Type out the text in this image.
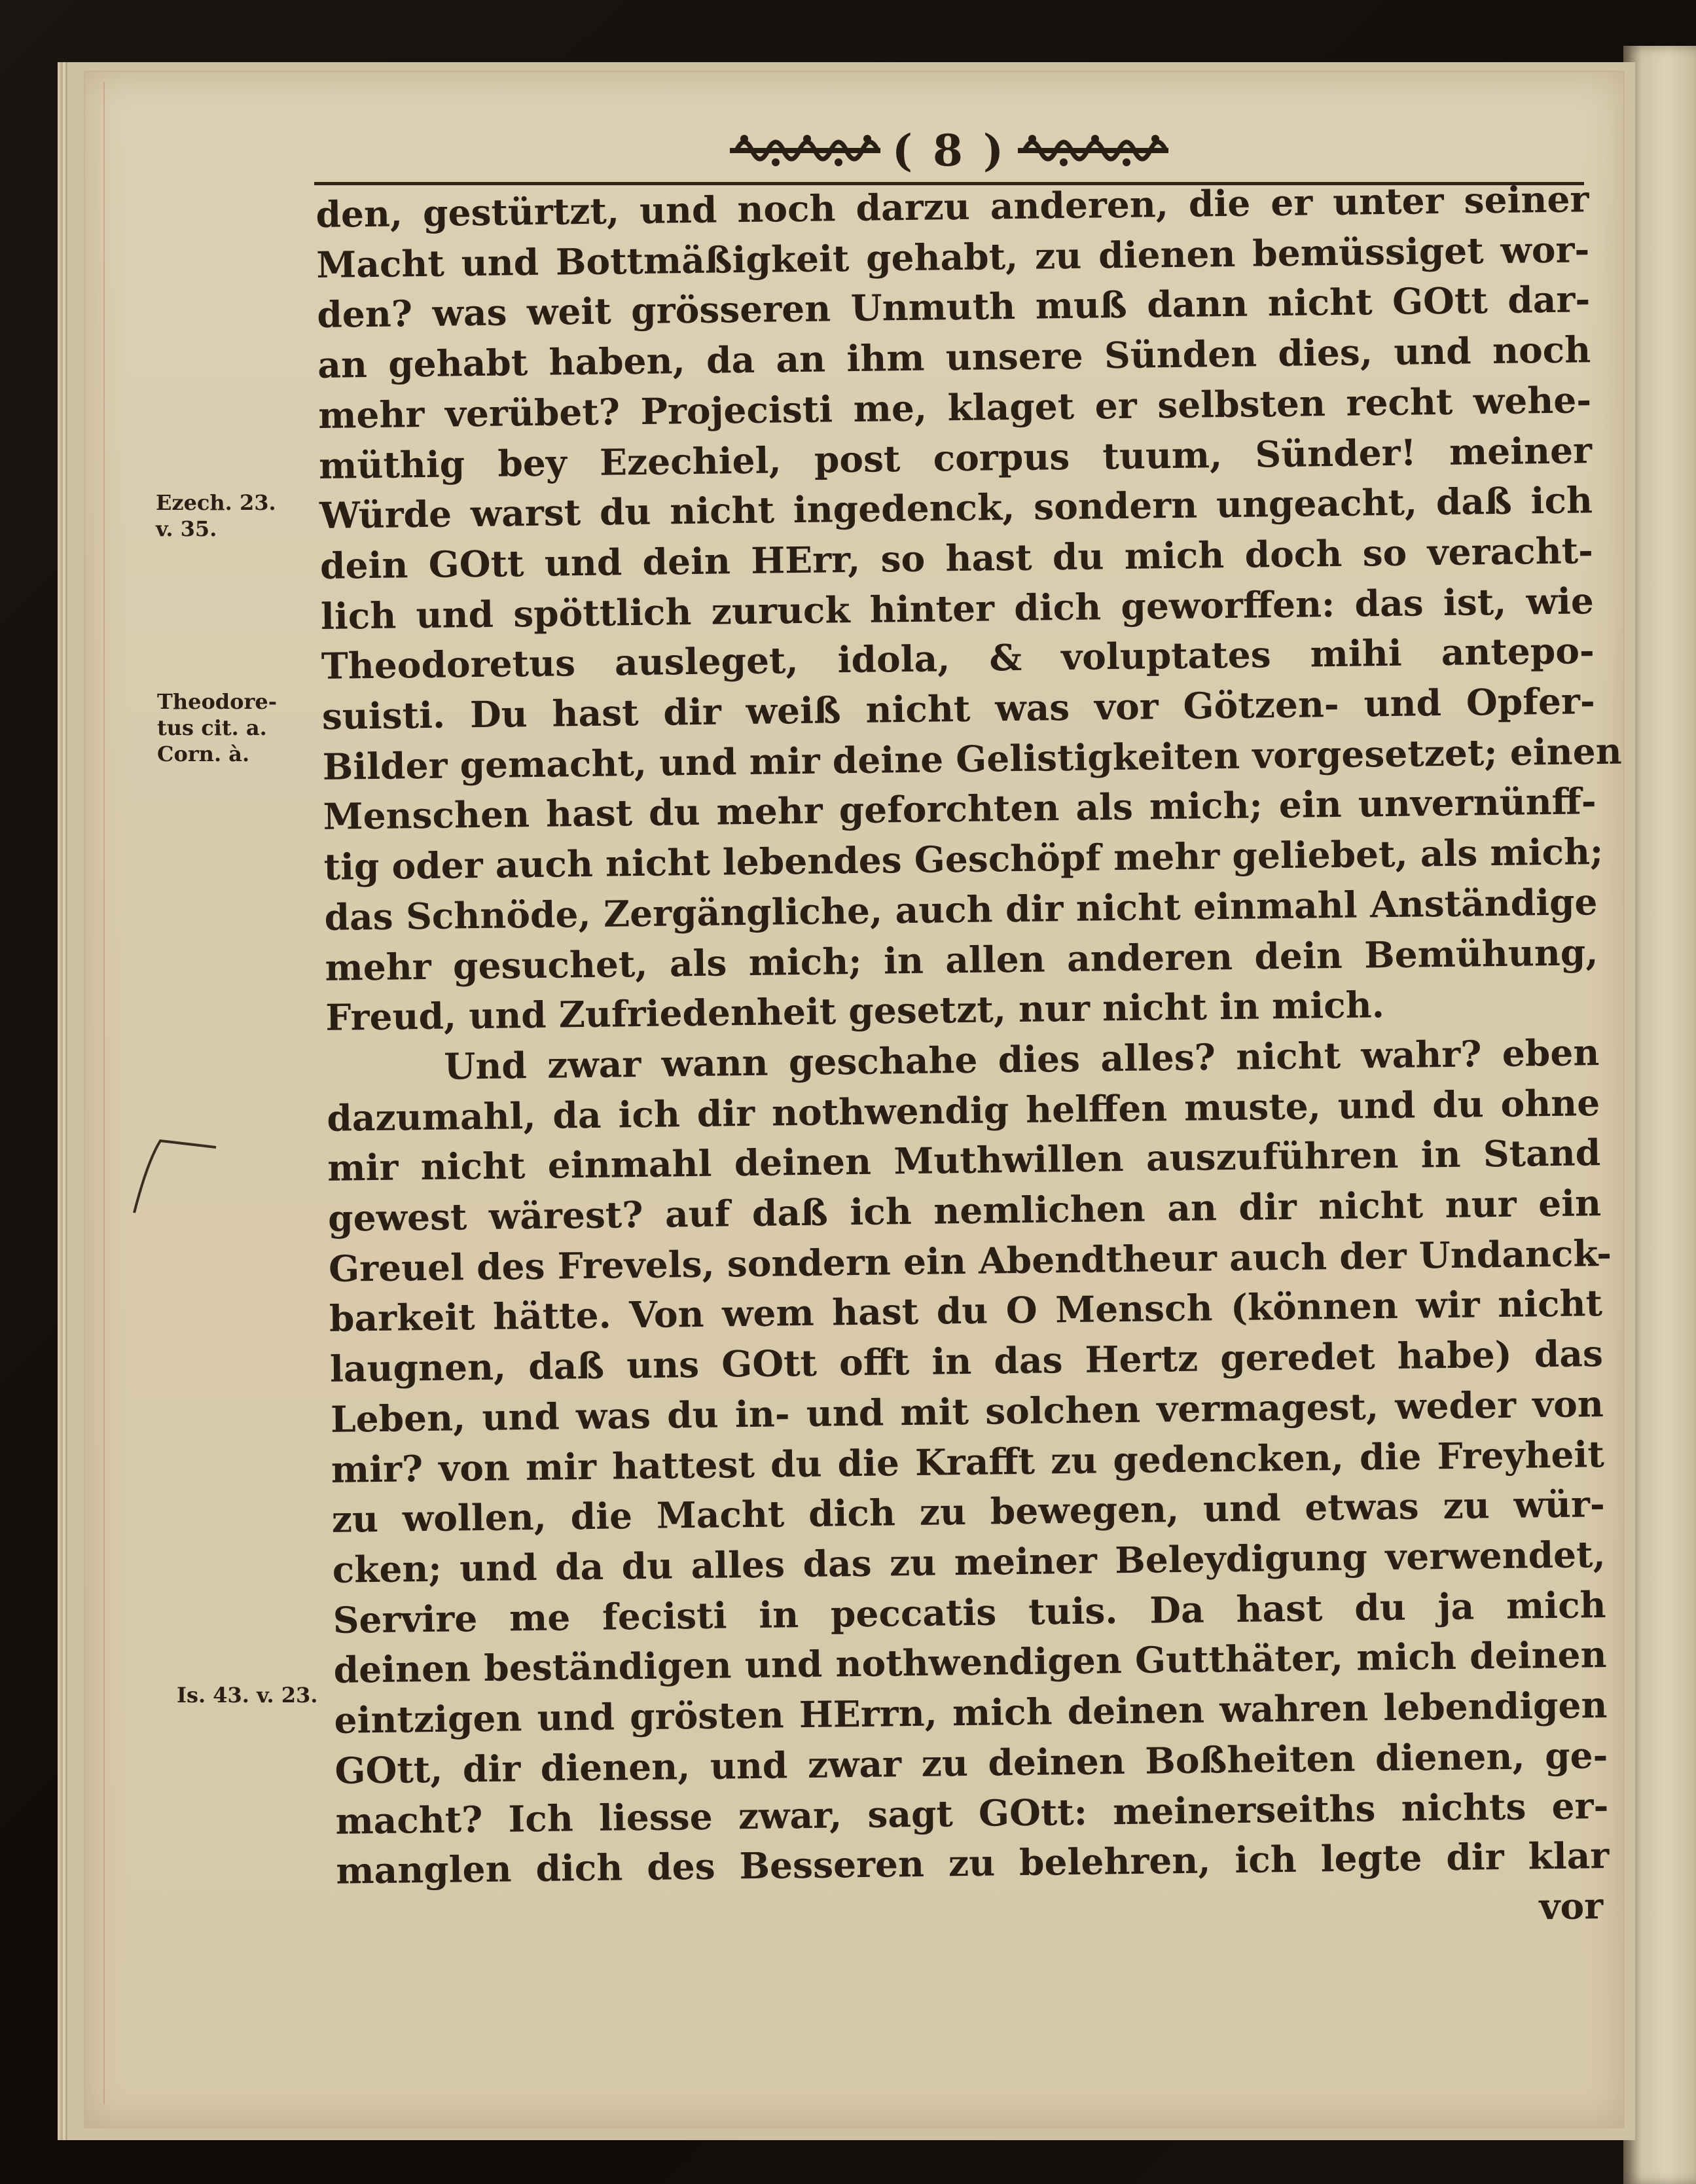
( 8 )
Ezech. 23.
v. 35.
Theodore-
tus cit. a.
Corn. à.
Is. 43. v. 23.
den, gestürtzt, und noch darzu anderen, die er unter seiner
Macht und Bottmäßigkeit gehabt, zu dienen bemüssiget wor-
den? was weit grösseren Unmuth muß dann nicht GOtt dar-
an gehabt haben, da an ihm unsere Sünden dies, und noch
mehr verübet? Projecisti me, klaget er selbsten recht wehe-
müthig bey Ezechiel, post corpus tuum, Sünder! meiner
Würde warst du nicht ingedenck, sondern ungeacht, daß ich
dein GOtt und dein HErr, so hast du mich doch so veracht-
lich und spöttlich zuruck hinter dich geworffen: das ist, wie
Theodoretus ausleget, idola, & voluptates mihi antepo-
suisti. Du hast dir weiß nicht was vor Götzen- und Opfer-
Bilder gemacht, und mir deine Gelistigkeiten vorgesetzet; einen
Menschen hast du mehr geforchten als mich; ein unvernünff-
tig oder auch nicht lebendes Geschöpf mehr geliebet, als mich;
das Schnöde, Zergängliche, auch dir nicht einmahl Anständige
mehr gesuchet, als mich; in allen anderen dein Bemühung,
Freud, und Zufriedenheit gesetzt, nur nicht in mich.
Und zwar wann geschahe dies alles? nicht wahr? eben
dazumahl, da ich dir nothwendig helffen muste, und du ohne
mir nicht einmahl deinen Muthwillen auszuführen in Stand
gewest wärest? auf daß ich nemlichen an dir nicht nur ein
Greuel des Frevels, sondern ein Abendtheur auch der Undanck-
barkeit hätte. Von wem hast du O Mensch (können wir nicht
laugnen, daß uns GOtt offt in das Hertz geredet habe) das
Leben, und was du in- und mit solchen vermagest, weder von
mir? von mir hattest du die Krafft zu gedencken, die Freyheit
zu wollen, die Macht dich zu bewegen, und etwas zu wür-
cken; und da du alles das zu meiner Beleydigung verwendet,
Servire me fecisti in peccatis tuis. Da hast du ja mich
deinen beständigen und nothwendigen Gutthäter, mich deinen
eintzigen und grösten HErrn, mich deinen wahren lebendigen
GOtt, dir dienen, und zwar zu deinen Boßheiten dienen, ge-
macht? Ich liesse zwar, sagt GOtt: meinerseiths nichts er-
manglen dich des Besseren zu belehren, ich legte dir klar
vor
